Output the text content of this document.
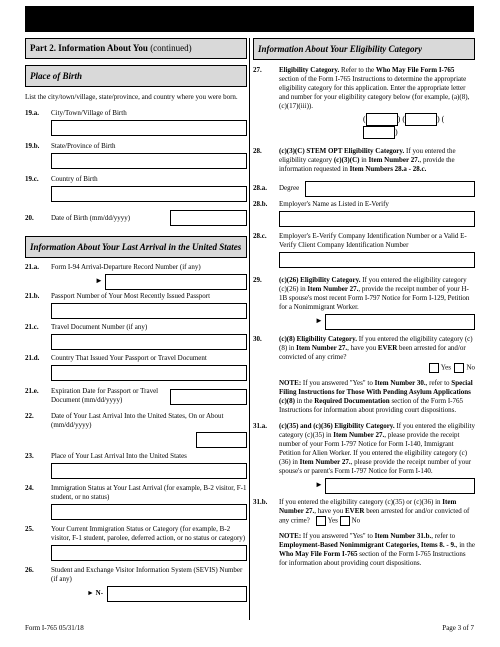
Part 2. Information About You (continued)
Place of Birth
List the city/town/village, state/province, and country where you were born.
19.a. City/Town/Village of Birth
19.b. State/Province of Birth
19.c. Country of Birth
20. Date of Birth (mm/dd/yyyy)
Information About Your Last Arrival in the United States
21.a. Form I-94 Arrival-Departure Record Number (if any)
►
21.b. Passport Number of Your Most Recently Issued Passport
21.c. Travel Document Number (if any)
21.d. Country That Issued Your Passport or Travel Document
21.e. Expiration Date for Passport or Travel Document (mm/dd/yyyy)
22. Date of Your Last Arrival Into the United States, On or About (mm/dd/yyyy)
23. Place of Your Last Arrival Into the United States
24. Immigration Status at Your Last Arrival (for example, B-2 visitor, F-1 student, or no status)
25. Your Current Immigration Status or Category (for example, B-2 visitor, F-1 student, parolee, deferred action, or no status or category)
26. Student and Exchange Visitor Information System (SEVIS) Number (if any)
► N-
Information About Your Eligibility Category
27. Eligibility Category. Refer to the Who May File Form I-765 section of the Form I-765 Instructions to determine the appropriate eligibility category for this application. Enter the appropriate letter and number for your eligibility category below (for example, (a)(8), (c)(17)(iii)).
(	) (	) ()
28. (c)(3)(C) STEM OPT Eligibility Category. If you entered the eligibility category (c)(3)(C) in Item Number 27., provide the information requested in Item Numbers 28.a - 28.c.
28.a. Degree
28.b. Employer's Name as Listed in E-Verify
28.c. Employer's E-Verify Company Identification Number or a Valid E-Verify Client Company Identification Number
29. (c)(26) Eligibility Category. If you entered the eligibility category (c)(26) in Item Number 27., provide the receipt number of your H-1B spouse's most recent Form I-797 Notice for Form I-129, Petition for a Nonimmigrant Worker.
►
30. (c)(8) Eligibility Category. If you entered the eligibility category (c)(8) in Item Number 27., have you EVER been arrested for and/or convicted of any crime?
Yes No
NOTE: If you answered "Yes" to Item Number 30., refer to Special Filing Instructions for Those With Pending Asylum Applications (c)(8) in the Required Documentation section of the Form I-765 Instructions for information about providing court dispositions.
31.a. (c)(35) and (c)(36) Eligibility Category. If you entered the eligibility category (c)(35) in Item Number 27., please provide the receipt number of your Form I-797 Notice for Form I-140, Immigrant Petition for Alien Worker. If you entered the eligibility category (c)(36) in Item Number 27., please provide the receipt number of your spouse's or parent's Form I-797 Notice for Form I-140.
►
31.b. If you entered the eligibility category (c)(35) or (c)(36) in Item Number 27., have you EVER been arrested for and/or convicted of any crime?	Yes No
NOTE: If you answered "Yes" to Item Number 31.b., refer to Employment-Based Nonimmigrant Categories, Items 8. - 9., in the Who May File Form I-765 section of the Form I-765 Instructions for information about providing court dispositions.
Form I-765 05/31/18	Page 3 of 7
